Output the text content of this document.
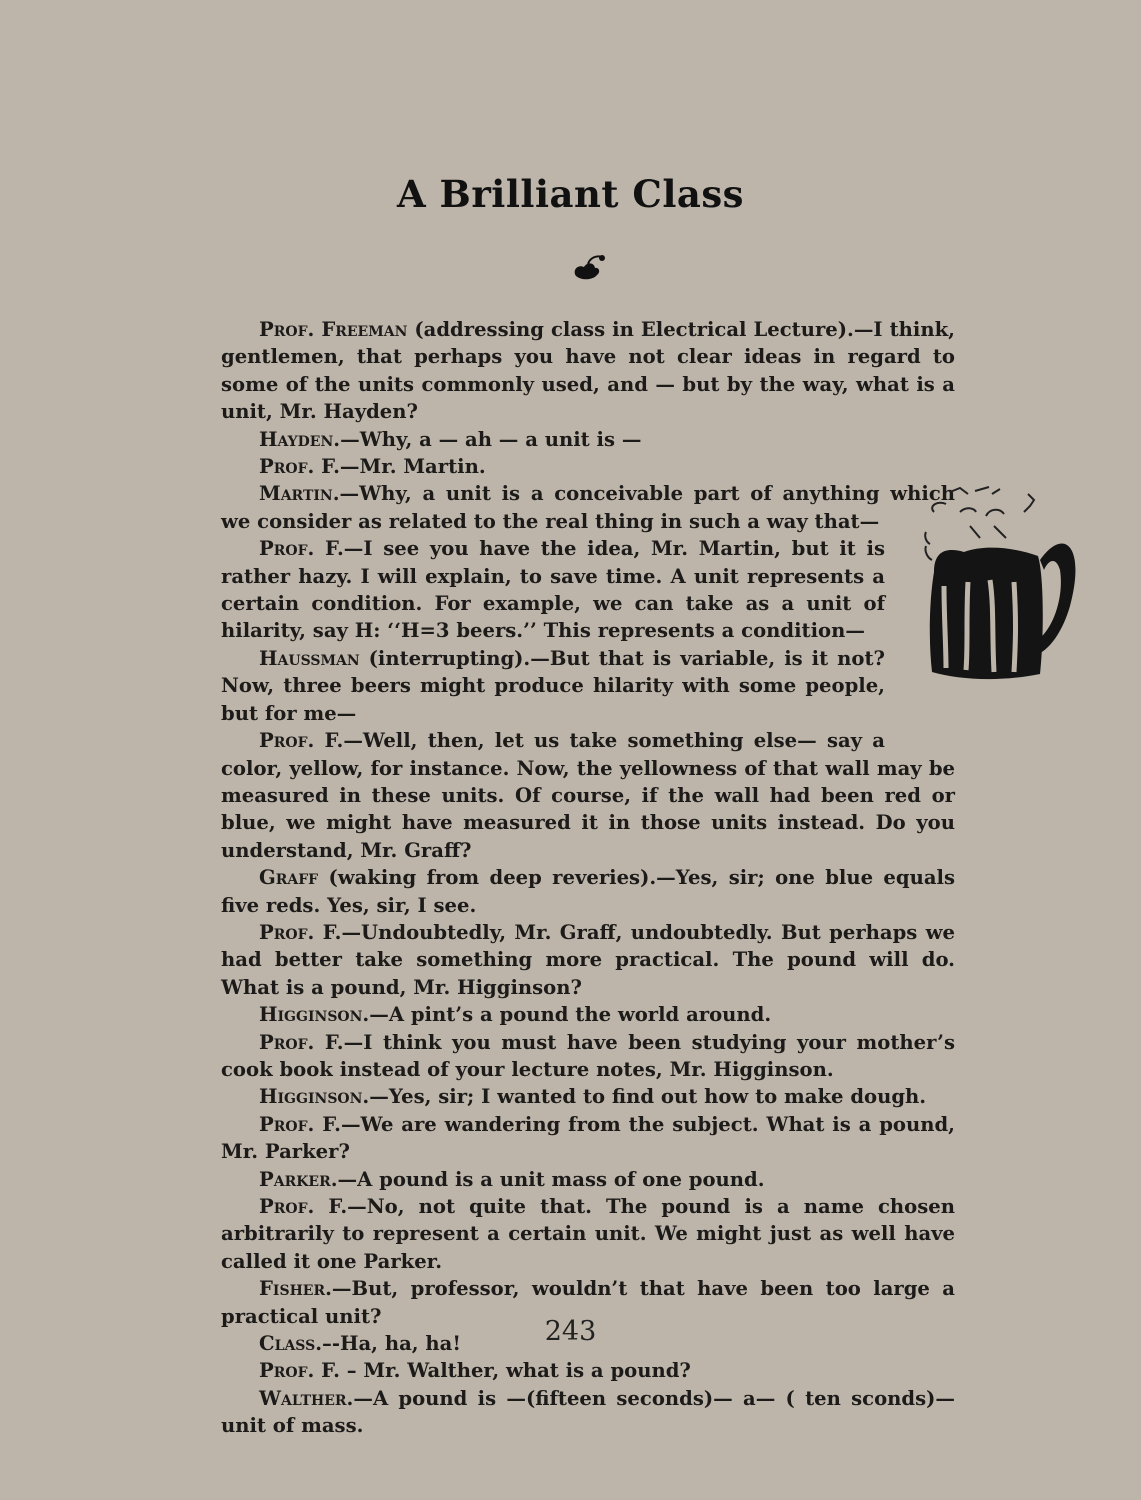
A Brilliant Class

Prof. Freeman (addressing class in Electrical Lecture).—I think, gentlemen, that perhaps you have not clear ideas in regard to some of the units commonly used, and — but by the way, what is a unit, Mr. Hayden?

Hayden.—Why, a — ah — a unit is —

Prof. F.—Mr. Martin.

Martin.—Why, a unit is a conceivable part of anything which we consider as related to the real thing in such a way that—

Prof. F.—I see you have the idea, Mr. Martin, but it is rather hazy. I will explain, to save time. A unit represents a certain condition. For example, we can take as a unit of hilarity, say H: ‘‘H=3 beers.’’ This represents a condition—

Haussman (interrupting).—But that is variable, is it not? Now, three beers might produce hilarity with some people, but for me—

Prof. F.—Well, then, let us take something else— say a color, yellow, for instance. Now, the yellowness of that wall may be measured in these units. Of course, if the wall had been red or blue, we might have measured it in those units instead. Do you understand, Mr. Graff?

Graff (waking from deep reveries).—Yes, sir; one blue equals five reds. Yes, sir, I see.

Prof. F.—Undoubtedly, Mr. Graff, undoubtedly. But perhaps we had better take something more practical. The pound will do. What is a pound, Mr. Higginson?

Higginson.—A pint’s a pound the world around.

Prof. F.—I think you must have been studying your mother’s cook book instead of your lecture notes, Mr. Higginson.

Higginson.—Yes, sir; I wanted to find out how to make dough.

Prof. F.—We are wandering from the subject. What is a pound, Mr. Parker?

Parker.—A pound is a unit mass of one pound.

Prof. F.—No, not quite that. The pound is a name chosen arbitrarily to represent a certain unit. We might just as well have called it one Parker.

Fisher.—But, professor, wouldn’t that have been too large a practical unit?

Class.–-Ha, ha, ha!

Prof. F. – Mr. Walther, what is a pound?

Walther.—A pound is —(fifteen seconds)— a— ( ten sconds)— unit of mass.

243
